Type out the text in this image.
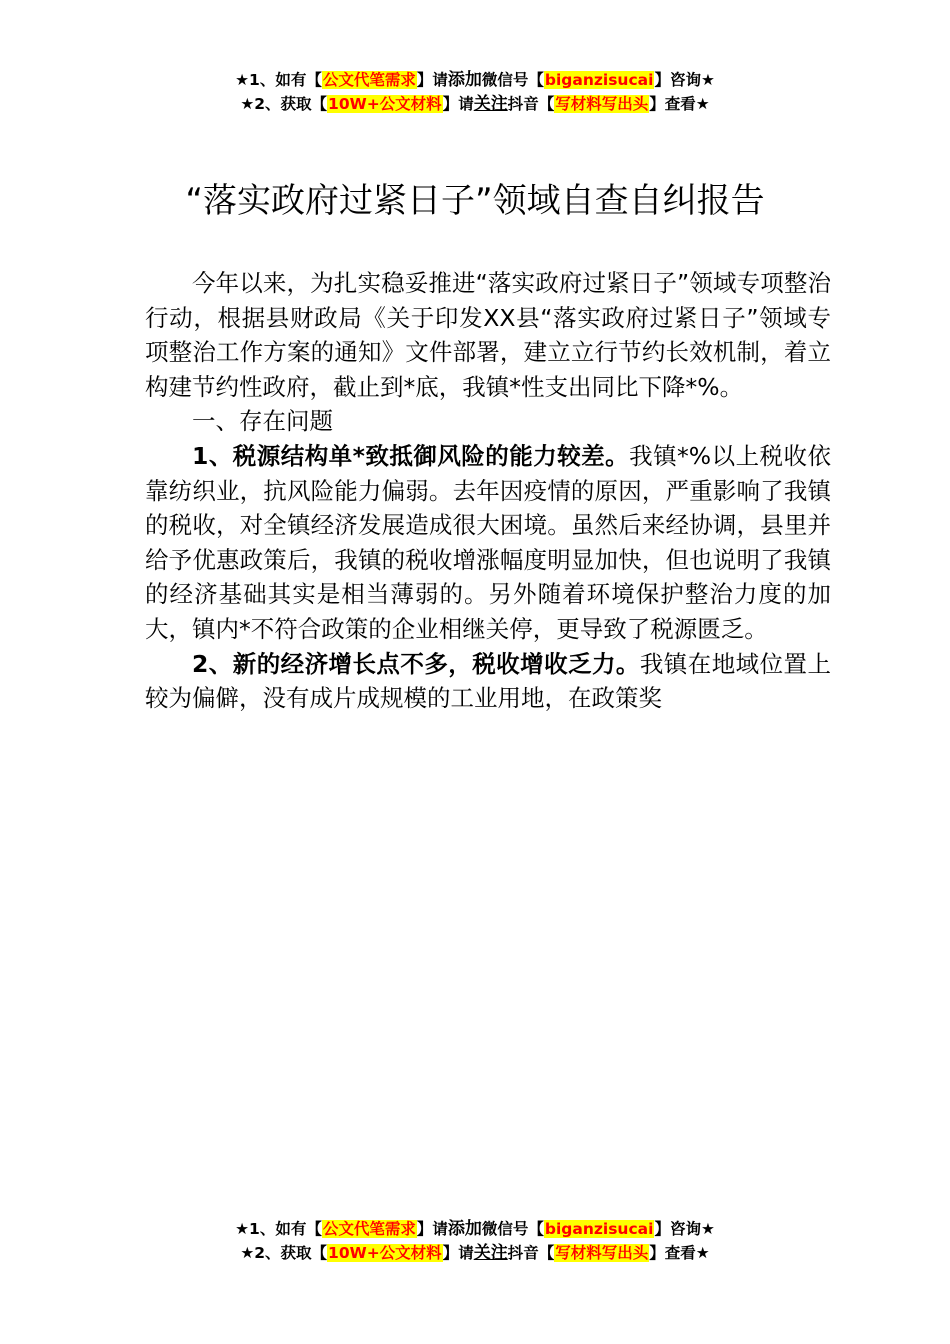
★1、如有【公文代笔需求】请添加微信号【biganzisucai】咨询★
★2、获取【10W+公文材料】请关注抖音【写材料写出头】查看★
“落实政府过紧日子”领域自查自纠报告

今年以来，为扎实稳妥推进“落实政府过紧日子”领域专项整治行动，根据县财政局《关于印发XX县“落实政府过紧日子”领域专项整治工作方案的通知》文件部署，建立立行节约长效机制，着立构建节约性政府，截止到*底，我镇*性支出同比下降*%。

一、存在问题

1、税源结构单*致抵御风险的能力较差。我镇*%以上税收依靠纺织业，抗风险能力偏弱。去年因疫情的原因，严重影响了我镇的税收，对全镇经济发展造成很大困境。虽然后来经协调，县里并给予优惠政策后，我镇的税收增涨幅度明显加快，但也说明了我镇的经济基础其实是相当薄弱的。另外随着环境保护整治力度的加大，镇内*不符合政策的企业相继关停，更导致了税源匮乏。

2、新的经济增长点不多，税收增收乏力。我镇在地域位置上较为偏僻，没有成片成规模的工业用地，在政策奖

★1、如有【公文代笔需求】请添加微信号【biganzisucai】咨询★
★2、获取【10W+公文材料】请关注抖音【写材料写出头】查看★
